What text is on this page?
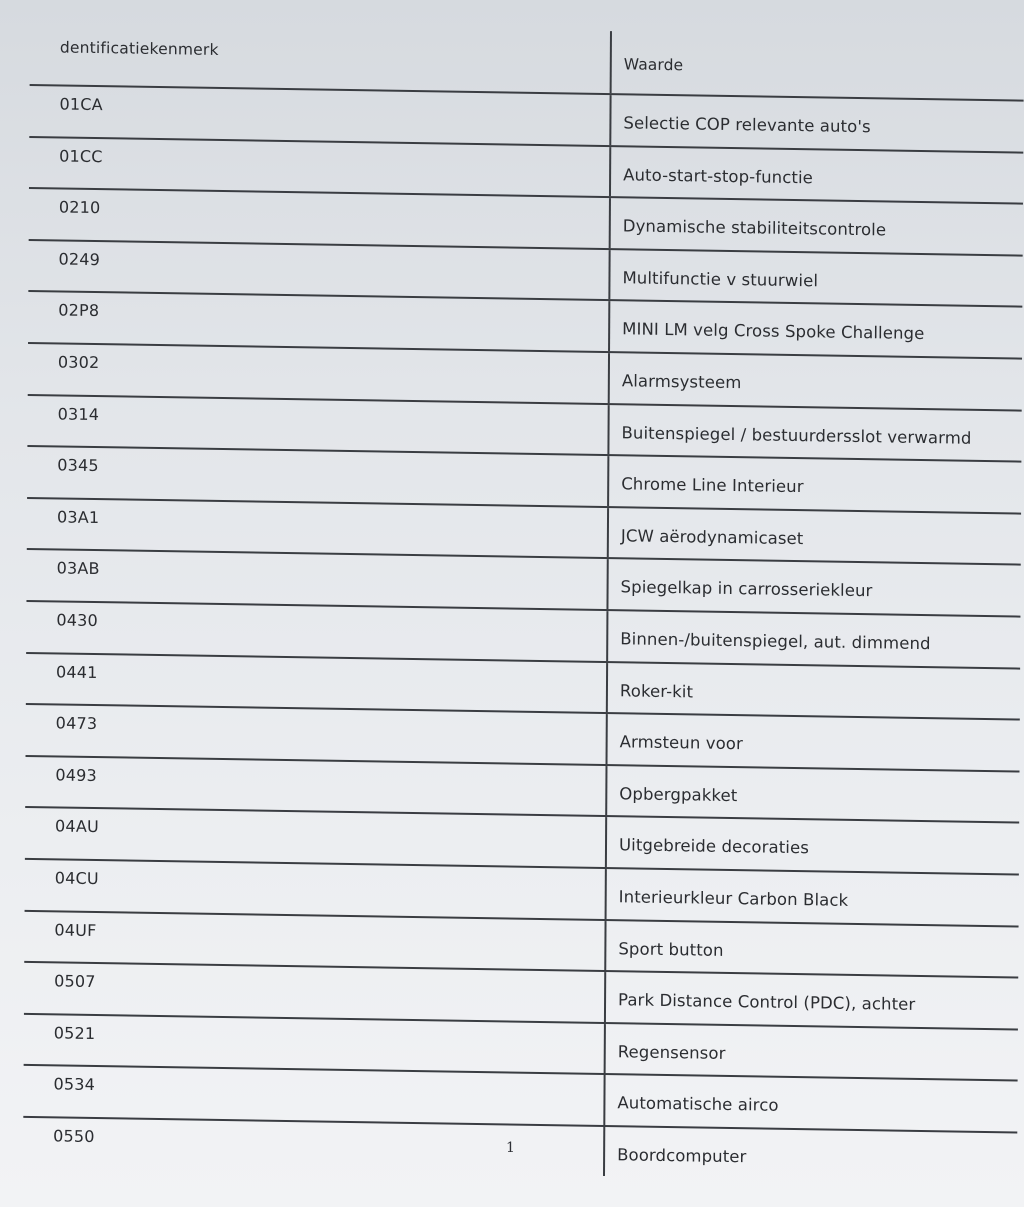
dentificatiekenmerk
Waarde
01CA
Selectie COP relevante auto's
01CC
Auto-start-stop-functie
0210
Dynamische stabiliteitscontrole
0249
Multifunctie v stuurwiel
02P8
MINI LM velg Cross Spoke Challenge
0302
Alarmsysteem
0314
Buitenspiegel / bestuurdersslot verwarmd
0345
Chrome Line Interieur
03A1
JCW aërodynamicaset
03AB
Spiegelkap in carrosseriekleur
0430
Binnen-/buitenspiegel, aut. dimmend
0441
Roker-kit
0473
Armsteun voor
0493
Opbergpakket
04AU
Uitgebreide decoraties
04CU
Interieurkleur Carbon Black
04UF
Sport button
0507
Park Distance Control (PDC), achter
0521
Regensensor
0534
Automatische airco
0550
Boordcomputer
1
